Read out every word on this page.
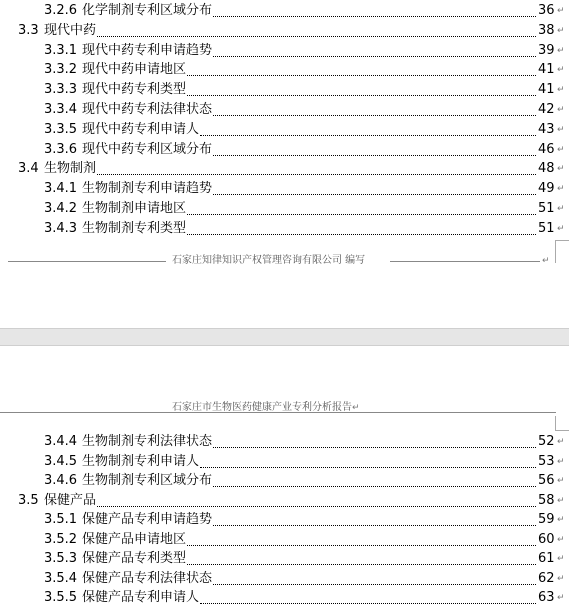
3.2.6 化学制剂专利区域分布	36 ↵
3.3 现代中药	38 ↵
3.3.1 现代中药专利申请趋势	39 ↵
3.3.2 现代中药申请地区	41 ↵
3.3.3 现代中药专利类型	41 ↵
3.3.4 现代中药专利法律状态	42 ↵
3.3.5 现代中药专利申请人	43 ↵
3.3.6 现代中药专利区域分布	46 ↵
3.4 生物制剂	48 ↵
3.4.1 生物制剂专利申请趋势	49 ↵
3.4.2 生物制剂申请地区	51 ↵
3.4.3 生物制剂专利类型	51 ↵
石家庄知律知识产权管理咨询有限公司 编写	↵
石家庄市生物医药健康产业专利分析报告↵
3.4.4 生物制剂专利法律状态	52 ↵
3.4.5 生物制剂专利申请人	53 ↵
3.4.6 生物制剂专利区域分布	56 ↵
3.5 保健产品	58 ↵
3.5.1 保健产品专利申请趋势	59 ↵
3.5.2 保健产品申请地区	60 ↵
3.5.3 保健产品专利类型	61 ↵
3.5.4 保健产品专利法律状态	62 ↵
3.5.5 保健产品专利申请人	63 ↵
